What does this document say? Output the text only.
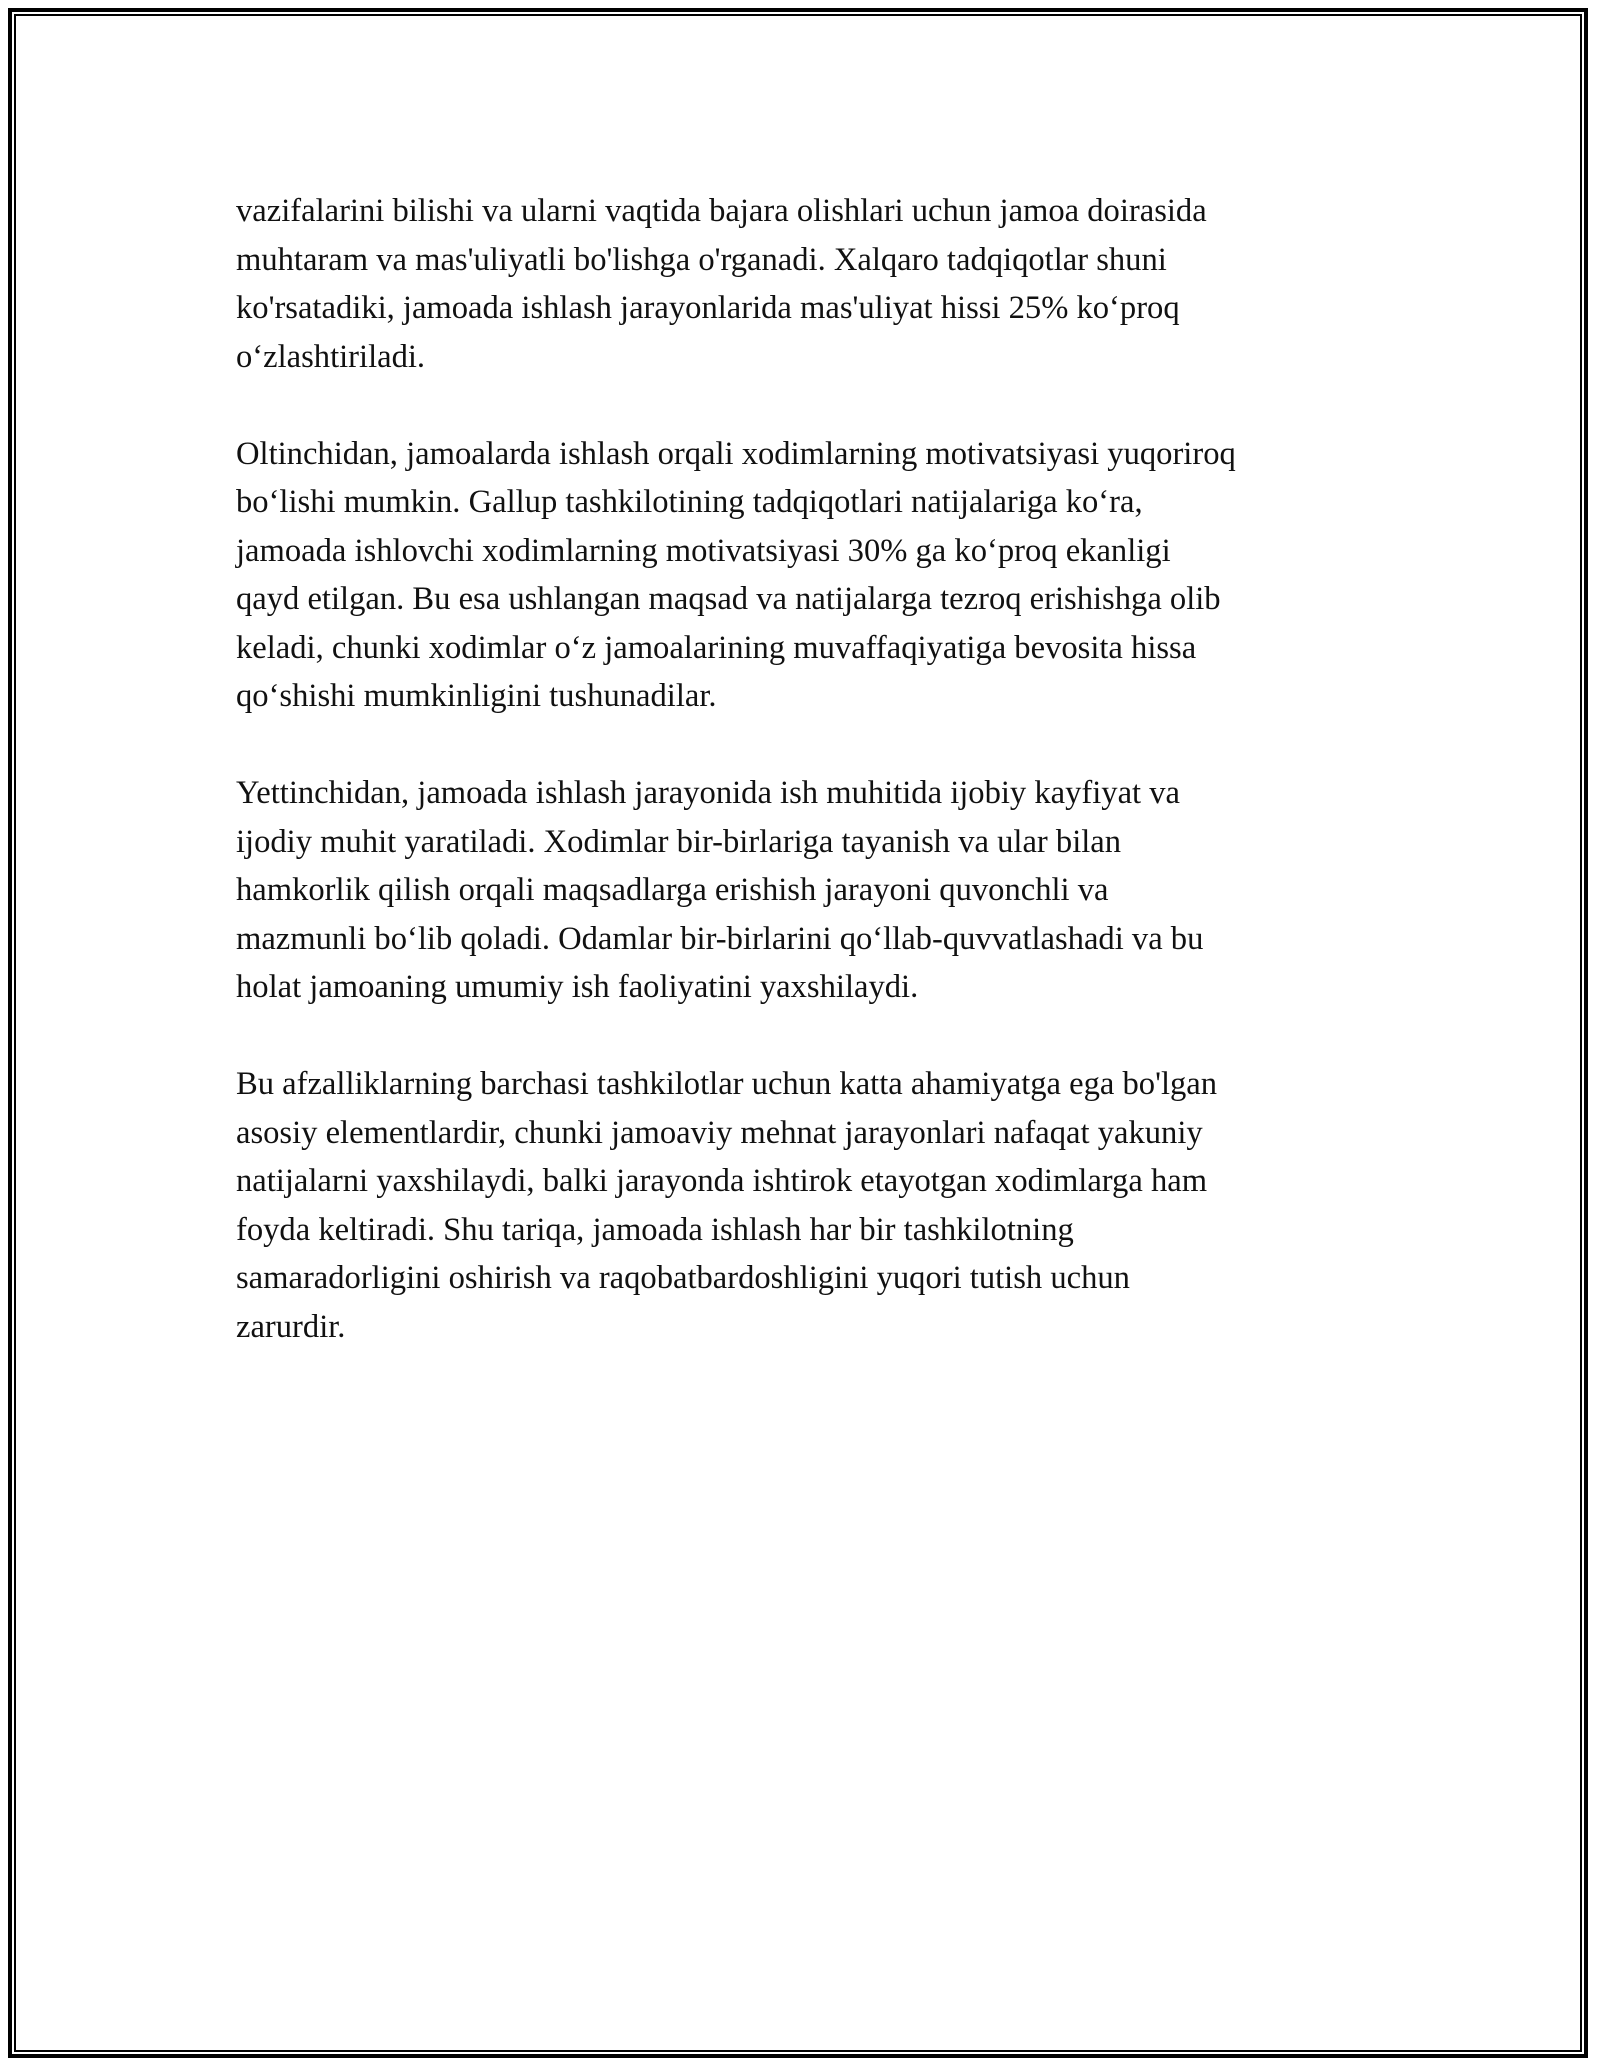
vazifalarini bilishi va ularni vaqtida bajara olishlari uchun jamoa doirasida
muhtaram va mas'uliyatli bo'lishga o'rganadi. Xalqaro tadqiqotlar shuni
ko'rsatadiki, jamoada ishlash jarayonlarida mas'uliyat hissi 25% koʻproq
oʻzlashtiriladi.
Oltinchidan, jamoalarda ishlash orqali xodimlarning motivatsiyasi yuqoriroq
boʻlishi mumkin. Gallup tashkilotining tadqiqotlari natijalariga koʻra,
jamoada ishlovchi xodimlarning motivatsiyasi 30% ga koʻproq ekanligi
qayd etilgan. Bu esa ushlangan maqsad va natijalarga tezroq erishishga olib
keladi, chunki xodimlar oʻz jamoalarining muvaffaqiyatiga bevosita hissa
qoʻshishi mumkinligini tushunadilar.
Yettinchidan, jamoada ishlash jarayonida ish muhitida ijobiy kayfiyat va
ijodiy muhit yaratiladi. Xodimlar bir-birlariga tayanish va ular bilan
hamkorlik qilish orqali maqsadlarga erishish jarayoni quvonchli va
mazmunli boʻlib qoladi. Odamlar bir-birlarini qoʻllab-quvvatlashadi va bu
holat jamoaning umumiy ish faoliyatini yaxshilaydi.
Bu afzalliklarning barchasi tashkilotlar uchun katta ahamiyatga ega bo'lgan
asosiy elementlardir, chunki jamoaviy mehnat jarayonlari nafaqat yakuniy
natijalarni yaxshilaydi, balki jarayonda ishtirok etayotgan xodimlarga ham
foyda keltiradi. Shu tariqa, jamoada ishlash har bir tashkilotning
samaradorligini oshirish va raqobatbardoshligini yuqori tutish uchun
zarurdir.
